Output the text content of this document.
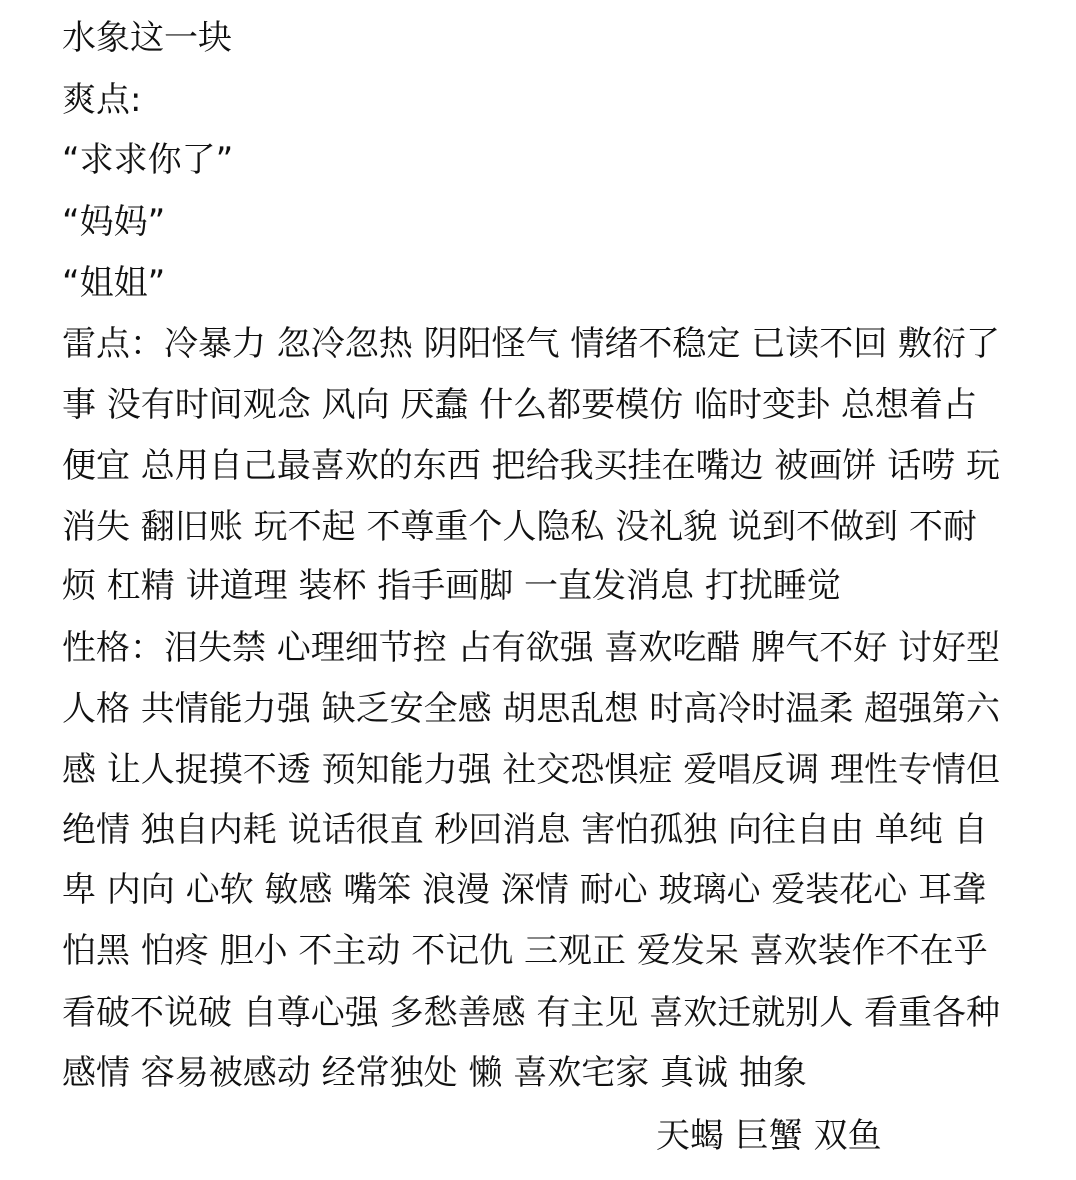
水象这一块
爽点:
“求求你了”
“妈妈”
“姐姐”
雷点：冷暴力 忽冷忽热 阴阳怪气 情绪不稳定 已读不回 敷衍了
事 没有时间观念 风向 厌蠢 什么都要模仿 临时变卦 总想着占
便宜 总用自己最喜欢的东西 把给我买挂在嘴边 被画饼 话唠 玩
消失 翻旧账 玩不起 不尊重个人隐私 没礼貌 说到不做到 不耐
烦 杠精 讲道理 装杯 指手画脚 一直发消息 打扰睡觉
性格：泪失禁 心理细节控 占有欲强 喜欢吃醋 脾气不好 讨好型
人格 共情能力强 缺乏安全感 胡思乱想 时高冷时温柔 超强第六
感 让人捉摸不透 预知能力强 社交恐惧症 爱唱反调 理性专情但
绝情 独自内耗 说话很直 秒回消息 害怕孤独 向往自由 单纯 自
卑 内向 心软 敏感 嘴笨 浪漫 深情 耐心 玻璃心 爱装花心 耳聋
怕黑 怕疼 胆小 不主动 不记仇 三观正 爱发呆 喜欢装作不在乎
看破不说破 自尊心强 多愁善感 有主见 喜欢迁就别人 看重各种
感情 容易被感动 经常独处 懒 喜欢宅家 真诚 抽象
天蝎 巨蟹 双鱼
